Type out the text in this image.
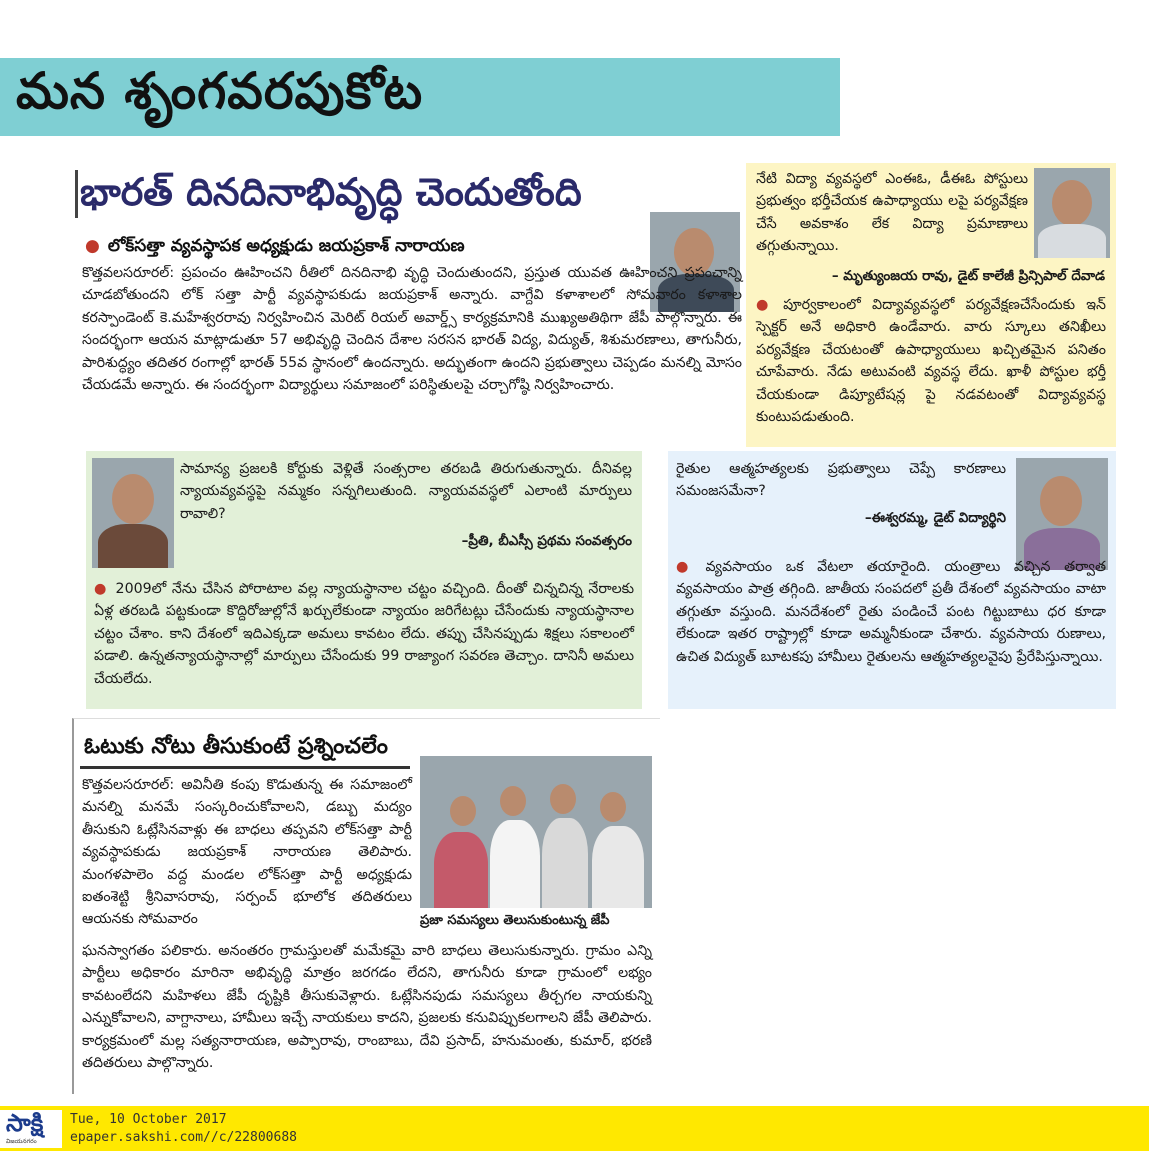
మన శృంగవరపుకోట
భారత్ దినదినాభివృద్ధి చెందుతోంది
● లోక్‌సత్తా వ్యవస్థాపక అధ్యక్షుడు జయప్రకాశ్ నారాయణ

కొత్తవలసరూరల్: ప్రపంచం ఊహించని రీతిలో దినదినాభి వృద్ధి చెందుతుందని, ప్రస్తుత యువత ఊహించని ప్రపంచాన్ని చూడబోతుందని లోక్ సత్తా పార్టీ వ్యవస్థాపకుడు జయప్రకాశ్ అన్నారు. వాగ్దేవి కళాశాలలో సోమవారం కళాశాల కరస్పాండెంట్ కె.మహేశ్వరరావు నిర్వహించిన మెరిట్ రియల్ అవార్డ్స్ కార్యక్రమానికి ముఖ్యఅతిథిగా జేపీ పాల్గొన్నారు. ఈ సందర్భంగా ఆయన మాట్లాడుతూ 57 అభివృద్ధి చెందిన దేశాల సరసన భారత్ విద్య, విద్యుత్, శిశుమరణాలు, తాగునీరు, పారిశుద్ధ్యం తదితర రంగాల్లో భారత్ 55వ స్థానంలో ఉందన్నారు. అద్భుతంగా ఉందని ప్రభుత్వాలు చెప్పడం మనల్ని మోసం చేయడమే అన్నారు. ఈ సందర్భంగా విద్యార్థులు సమాజంలో పరిస్థితులపై చర్చాగోష్ఠి నిర్వహించారు.

నేటి విద్యా వ్యవస్థలో ఎంఈఓ, డీఈఓ పోస్టులు ప్రభుత్వం భర్తీచేయక ఉపాధ్యాయు లపై పర్యవేక్షణ చేసే అవకాశం లేక విద్యా ప్రమాణాలు తగ్గుతున్నాయి.
– మృత్యుంజయ రావు, డైట్ కాలేజీ ప్రిన్సిపాల్ దేవాడ
● పూర్వకాలంలో విద్యావ్యవస్థలో పర్యవేక్షణచేసేందుకు ఇన్ స్పెక్టర్ అనే అధికారి ఉండేవారు. వారు స్కూలు తనిఖీలు పర్యవేక్షణ చేయటంతో ఉపాధ్యాయులు ఖచ్చితమైన పనితం చూపేవారు. నేడు అటువంటి వ్యవస్థ లేదు. ఖాళీ పోస్టుల భర్తీ చేయకుండా డిప్యూటేషన్ల పై నడవటంతో విద్యావ్యవస్థ కుంటుపడుతుంది.
సామాన్య ప్రజలకి కోర్టుకు వెళ్లితే సంత్సరాల తరబడి తిరుగుతున్నారు. దీనివల్ల న్యాయవ్యవస్థపై నమ్మకం సన్నగిలుతుంది. న్యాయవవస్థలో ఎలాంటి మార్పులు రావాలి?
–ప్రీతి, బీఎస్సీ ప్రథమ సంవత్సరం
● 2009లో నేను చేసిన పోరాటాల వల్ల న్యాయస్థానాల చట్టం వచ్చింది. దీంతో చిన్నచిన్న నేరాలకు ఏళ్ల తరబడి పట్టకుండా కొద్దిరోజుల్లోనే ఖర్చులేకుండా న్యాయం జరిగేటట్లు చేసేందుకు న్యాయస్థానాల చట్టం చేశాం. కాని దేశంలో ఇదిఎక్కడా అమలు కావటం లేదు. తప్పు చేసినప్పుడు శిక్షలు సకాలంలో పడాలి. ఉన్నతన్యాయస్థానాల్లో మార్పులు చేసేందుకు 99 రాజ్యాంగ సవరణ తెచ్చాం. దానినీ అమలు చేయలేదు.
రైతుల ఆత్మహత్యలకు ప్రభుత్వాలు చెప్పే కారణాలు సమంజసమేనా?
–ఈశ్వరమ్మ, డైట్ విద్యార్థిని
● వ్యవసాయం ఒక వేటలా తయారైంది. యంత్రాలు వచ్చిన తర్వాత వ్యవసాయం పాత్ర తగ్గింది. జాతీయ సంపదలో ప్రతీ దేశంలో వ్యవసాయం వాటా తగ్గుతూ వస్తుంది. మనదేశంలో రైతు పండించే పంట గిట్టుబాటు ధర కూడా లేకుండా ఇతర రాష్ట్రాల్లో కూడా అమ్మనీకుండా చేశారు. వ్యవసాయ రుణాలు, ఉచిత విద్యుత్ బూటకపు హామీలు రైతులను ఆత్మహత్యలవైపు ప్రేరేపిస్తున్నాయి.
ఓటుకు నోటు తీసుకుంటే ప్రశ్నించలేం
కొత్తవలసరూరల్: అవినీతి కంపు కొడుతున్న ఈ సమాజంలో మనల్ని మనమే సంస్కరించుకోవాలని, డబ్బు మద్యం తీసుకుని ఓట్లేసినవాళ్లు ఈ బాధలు తప్పవని లోక్‌సత్తా పార్టీ వ్యవస్థాపకుడు జయప్రకాశ్ నారాయణ తెలిపారు. మంగళపాలెం వద్ద మండల లోక్‌సత్తా పార్టీ అధ్యక్షుడు ఐతంశెట్టి శ్రీనివాసరావు, సర్పంచ్ భూలోక తదితరులు ఆయనకు సోమవారం	ప్రజా సమస్యలు తెలుసుకుంటున్న జేపీ
ఘనస్వాగతం పలికారు. అనంతరం గ్రామస్తులతో మమేకమై వారి బాధలు తెలుసుకున్నారు. గ్రామం ఎన్ని పార్టీలు అధికారం మారినా అభివృద్ధి మాత్రం జరగడం లేదని, తాగునీరు కూడా గ్రామంలో లభ్యం కావటంలేదని మహిళలు జేపీ దృష్టికి తీసుకువెళ్లారు. ఓట్లేసినపుడు సమస్యలు తీర్చగల నాయకున్ని ఎన్నుకోవాలని, వాగ్దానాలు, హామీలు ఇచ్చే నాయకులు కాదని, ప్రజలకు కనువిప్పుకలగాలని జేపీ తెలిపారు. కార్యక్రమంలో మల్ల సత్యనారాయణ, అప్పారావు, రాంబాబు, దేవి ప్రసాద్, హనుమంతు, కుమార్, భరణి తదితరులు పాల్గొన్నారు.
సాక్షి
విజయనగరం
Tue, 10 October 2017
epaper.sakshi.com//c/22800688
